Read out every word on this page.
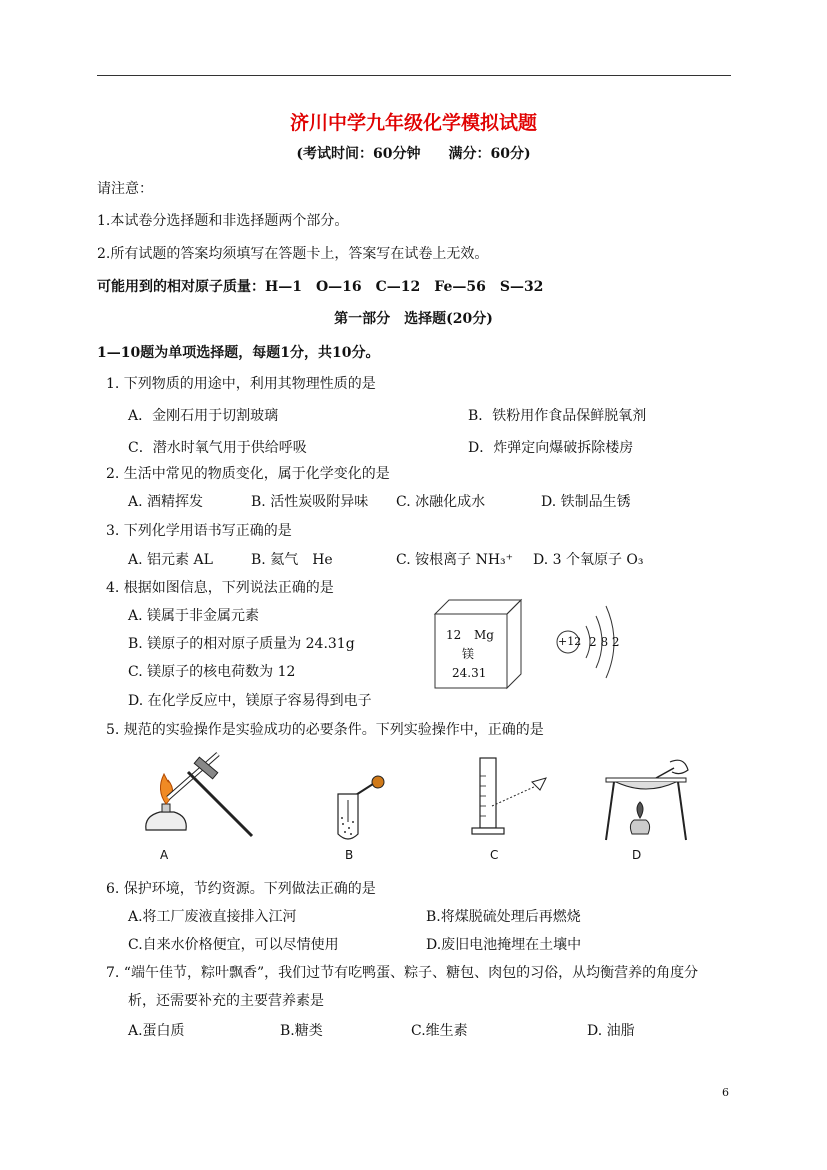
济川中学九年级化学模拟试题
(考试时间：60分钟　　满分：60分)
请注意：
1.本试卷分选择题和非选择题两个部分。
2.所有试题的答案均须填写在答题卡上，答案写在试卷上无效。
可能用到的相对原子质量：H—1　O—16　C—12　Fe—56　S—32
第一部分　选择题(20分)
1—10题为单项选择题，每题1分，共10分。
1. 下列物质的用途中，利用其物理性质的是
A．金刚石用于切割玻璃	B．铁粉用作食品保鲜脱氧剂
C．潜水时氧气用于供给呼吸	D．炸弹定向爆破拆除楼房
2. 生活中常见的物质变化，属于化学变化的是
A. 酒精挥发	B. 活性炭吸附异味 C. 冰融化成水	D. 铁制品生锈
3. 下列化学用语书写正确的是
A. 铝元素 AL	B. 氦气　He	C. 铵根离子 NH₃⁺ D. 3 个氧原子 O₃
4. 根据如图信息，下列说法正确的是
A. 镁属于非金属元素
B. 镁原子的相对原子质量为 24.31g
C. 镁原子的核电荷数为 12
D. 在化学反应中，镁原子容易得到电子
12 Mg
镁
24.31
+12 2 8 2
5. 规范的实验操作是实验成功的必要条件。下列实验操作中，正确的是
A	B	C	D
6. 保护环境，节约资源。下列做法正确的是
A.将工厂废液直接排入江河	B.将煤脱硫处理后再燃烧
C.自来水价格便宜，可以尽情使用	D.废旧电池掩埋在土壤中
7. “端午佳节，粽叶飘香”，我们过节有吃鸭蛋、粽子、糖包、肉包的习俗，从均衡营养的角度分
析，还需要补充的主要营养素是
A.蛋白质	B.糖类	C.维生素	D. 油脂
6
